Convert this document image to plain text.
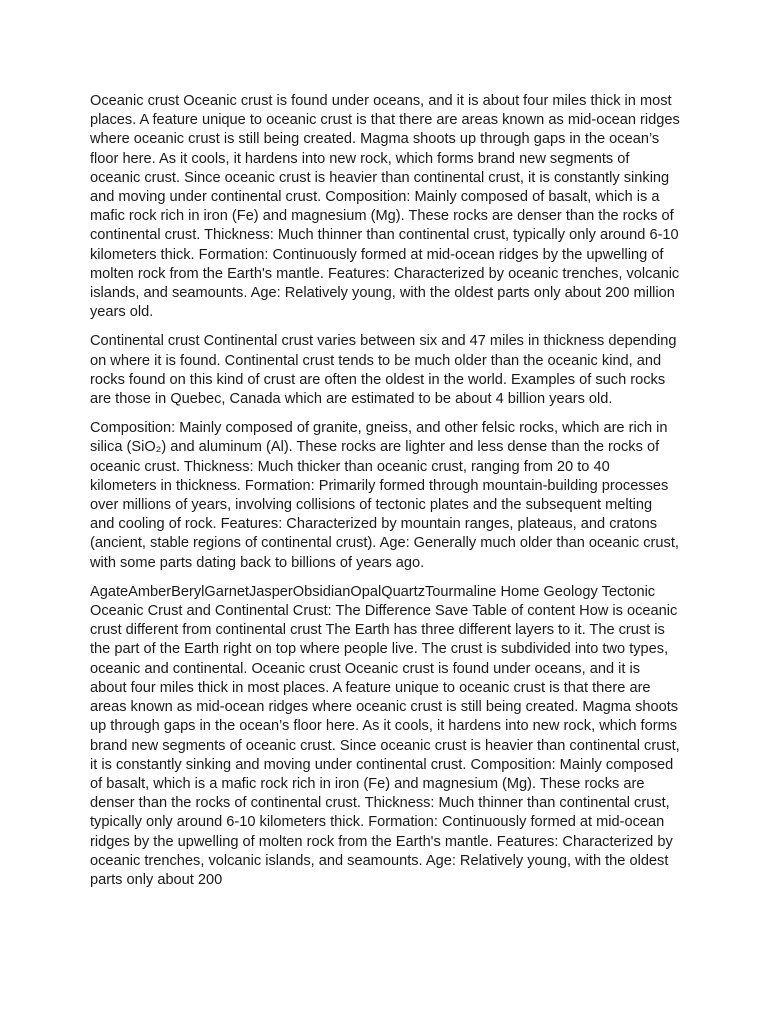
Oceanic crust Oceanic crust is found under oceans, and it is about four miles thick in most places. A feature unique to oceanic crust is that there are areas known as mid-ocean ridges where oceanic crust is still being created. Magma shoots up through gaps in the ocean’s floor here. As it cools, it hardens into new rock, which forms brand new segments of oceanic crust. Since oceanic crust is heavier than continental crust, it is constantly sinking and moving under continental crust. Composition: Mainly composed of basalt, which is a mafic rock rich in iron (Fe) and magnesium (Mg). These rocks are denser than the rocks of continental crust. Thickness: Much thinner than continental crust, typically only around 6-10 kilometers thick. Formation: Continuously formed at mid-ocean ridges by the upwelling of molten rock from the Earth's mantle. Features: Characterized by oceanic trenches, volcanic islands, and seamounts. Age: Relatively young, with the oldest parts only about 200 million years old.

Continental crust Continental crust varies between six and 47 miles in thickness depending on where it is found. Continental crust tends to be much older than the oceanic kind, and rocks found on this kind of crust are often the oldest in the world. Examples of such rocks are those in Quebec, Canada which are estimated to be about 4 billion years old.

Composition: Mainly composed of granite, gneiss, and other felsic rocks, which are rich in silica (SiO₂) and aluminum (Al). These rocks are lighter and less dense than the rocks of oceanic crust. Thickness: Much thicker than oceanic crust, ranging from 20 to 40 kilometers in thickness. Formation: Primarily formed through mountain-building processes over millions of years, involving collisions of tectonic plates and the subsequent melting and cooling of rock. Features: Characterized by mountain ranges, plateaus, and cratons (ancient, stable regions of continental crust). Age: Generally much older than oceanic crust, with some parts dating back to billions of years ago.

AgateAmberBerylGarnetJasperObsidianOpalQuartzTourmaline Home Geology Tectonic Oceanic Crust and Continental Crust: The Difference Save Table of content How is oceanic crust different from continental crust The Earth has three different layers to it. The crust is the part of the Earth right on top where people live. The crust is subdivided into two types, oceanic and continental. Oceanic crust Oceanic crust is found under oceans, and it is about four miles thick in most places. A feature unique to oceanic crust is that there are areas known as mid-ocean ridges where oceanic crust is still being created. Magma shoots up through gaps in the ocean’s floor here. As it cools, it hardens into new rock, which forms brand new segments of oceanic crust. Since oceanic crust is heavier than continental crust, it is constantly sinking and moving under continental crust. Composition: Mainly composed of basalt, which is a mafic rock rich in iron (Fe) and magnesium (Mg). These rocks are denser than the rocks of continental crust. Thickness: Much thinner than continental crust, typically only around 6-10 kilometers thick. Formation: Continuously formed at mid-ocean ridges by the upwelling of molten rock from the Earth's mantle. Features: Characterized by oceanic trenches, volcanic islands, and seamounts. Age: Relatively young, with the oldest parts only about 200
